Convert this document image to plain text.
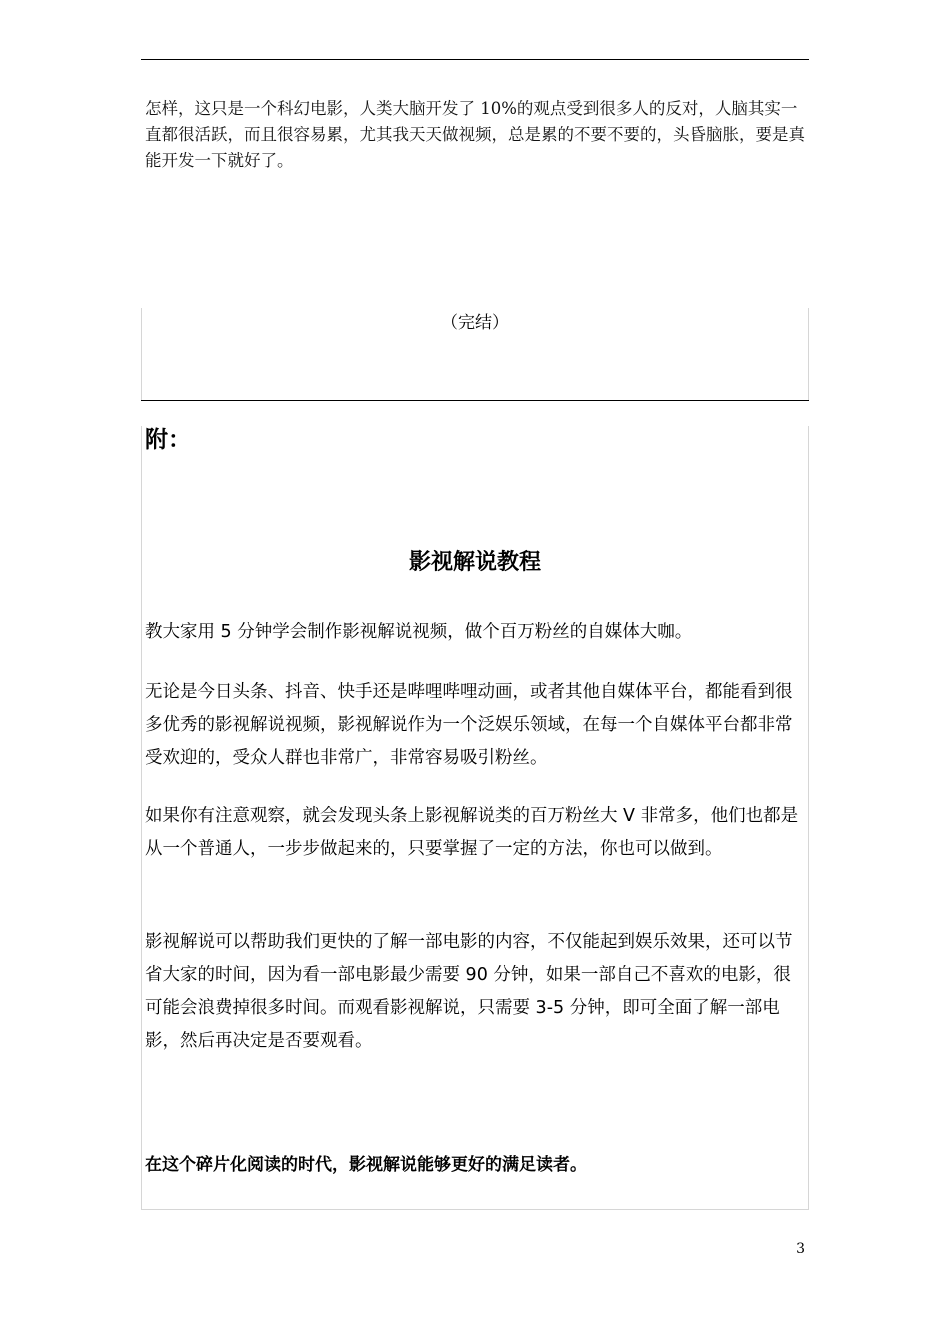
怎样，这只是一个科幻电影，人类大脑开发了 10%的观点受到很多人的反对，人脑其实一直都很活跃，而且很容易累，尤其我天天做视频，总是累的不要不要的，头昏脑胀，要是真能开发一下就好了。

（完结）
附：
影视解说教程

教大家用 5 分钟学会制作影视解说视频，做个百万粉丝的自媒体大咖。

无论是今日头条、抖音、快手还是哔哩哔哩动画，或者其他自媒体平台，都能看到很多优秀的影视解说视频，影视解说作为一个泛娱乐领域，在每一个自媒体平台都非常受欢迎的，受众人群也非常广，非常容易吸引粉丝。

如果你有注意观察，就会发现头条上影视解说类的百万粉丝大 V 非常多，他们也都是从一个普通人，一步步做起来的，只要掌握了一定的方法，你也可以做到。

影视解说可以帮助我们更快的了解一部电影的内容，不仅能起到娱乐效果，还可以节省大家的时间，因为看一部电影最少需要 90 分钟，如果一部自己不喜欢的电影，很可能会浪费掉很多时间。而观看影视解说，只需要 3-5 分钟，即可全面了解一部电影，然后再决定是否要观看。

在这个碎片化阅读的时代，影视解说能够更好的满足读者。

3
